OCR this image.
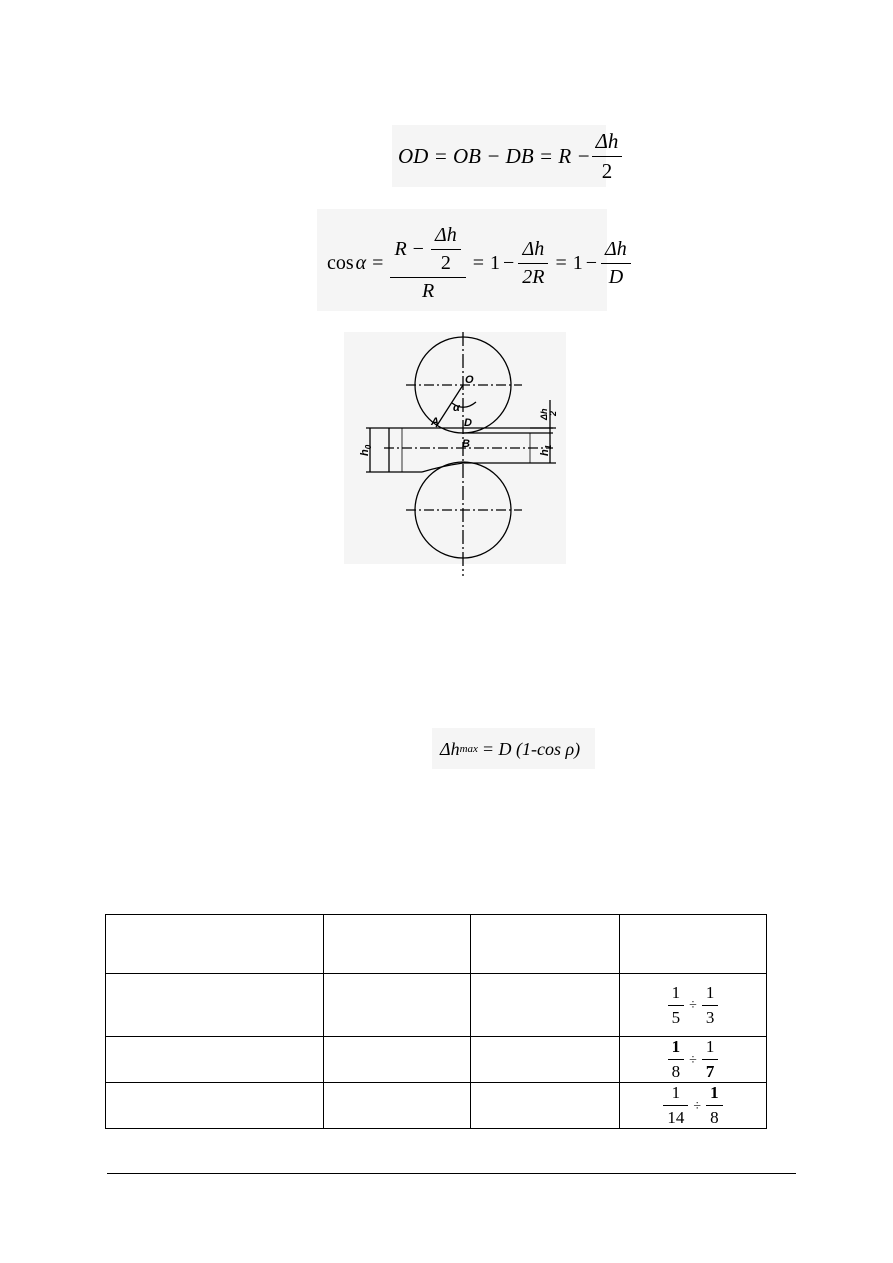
OD = OB − DB = $R - \frac{\Delta h}{2}$
$\cos \alpha = \frac{R - \frac{\Delta h}{2}}{R} = 1 - \frac{\Delta h}{2R} = 1 - \frac{\Delta h}{D}$
O
α
A D
B
$h_0$
$h_1$
Δh 2
Δh max = D (1-cos ρ)

			$\frac{1}{5} \div \frac{1}{3}$

			$\frac{1}{8} \div \frac{1}{7}$

			$\frac{1}{14} \div \frac{1}{8}$
